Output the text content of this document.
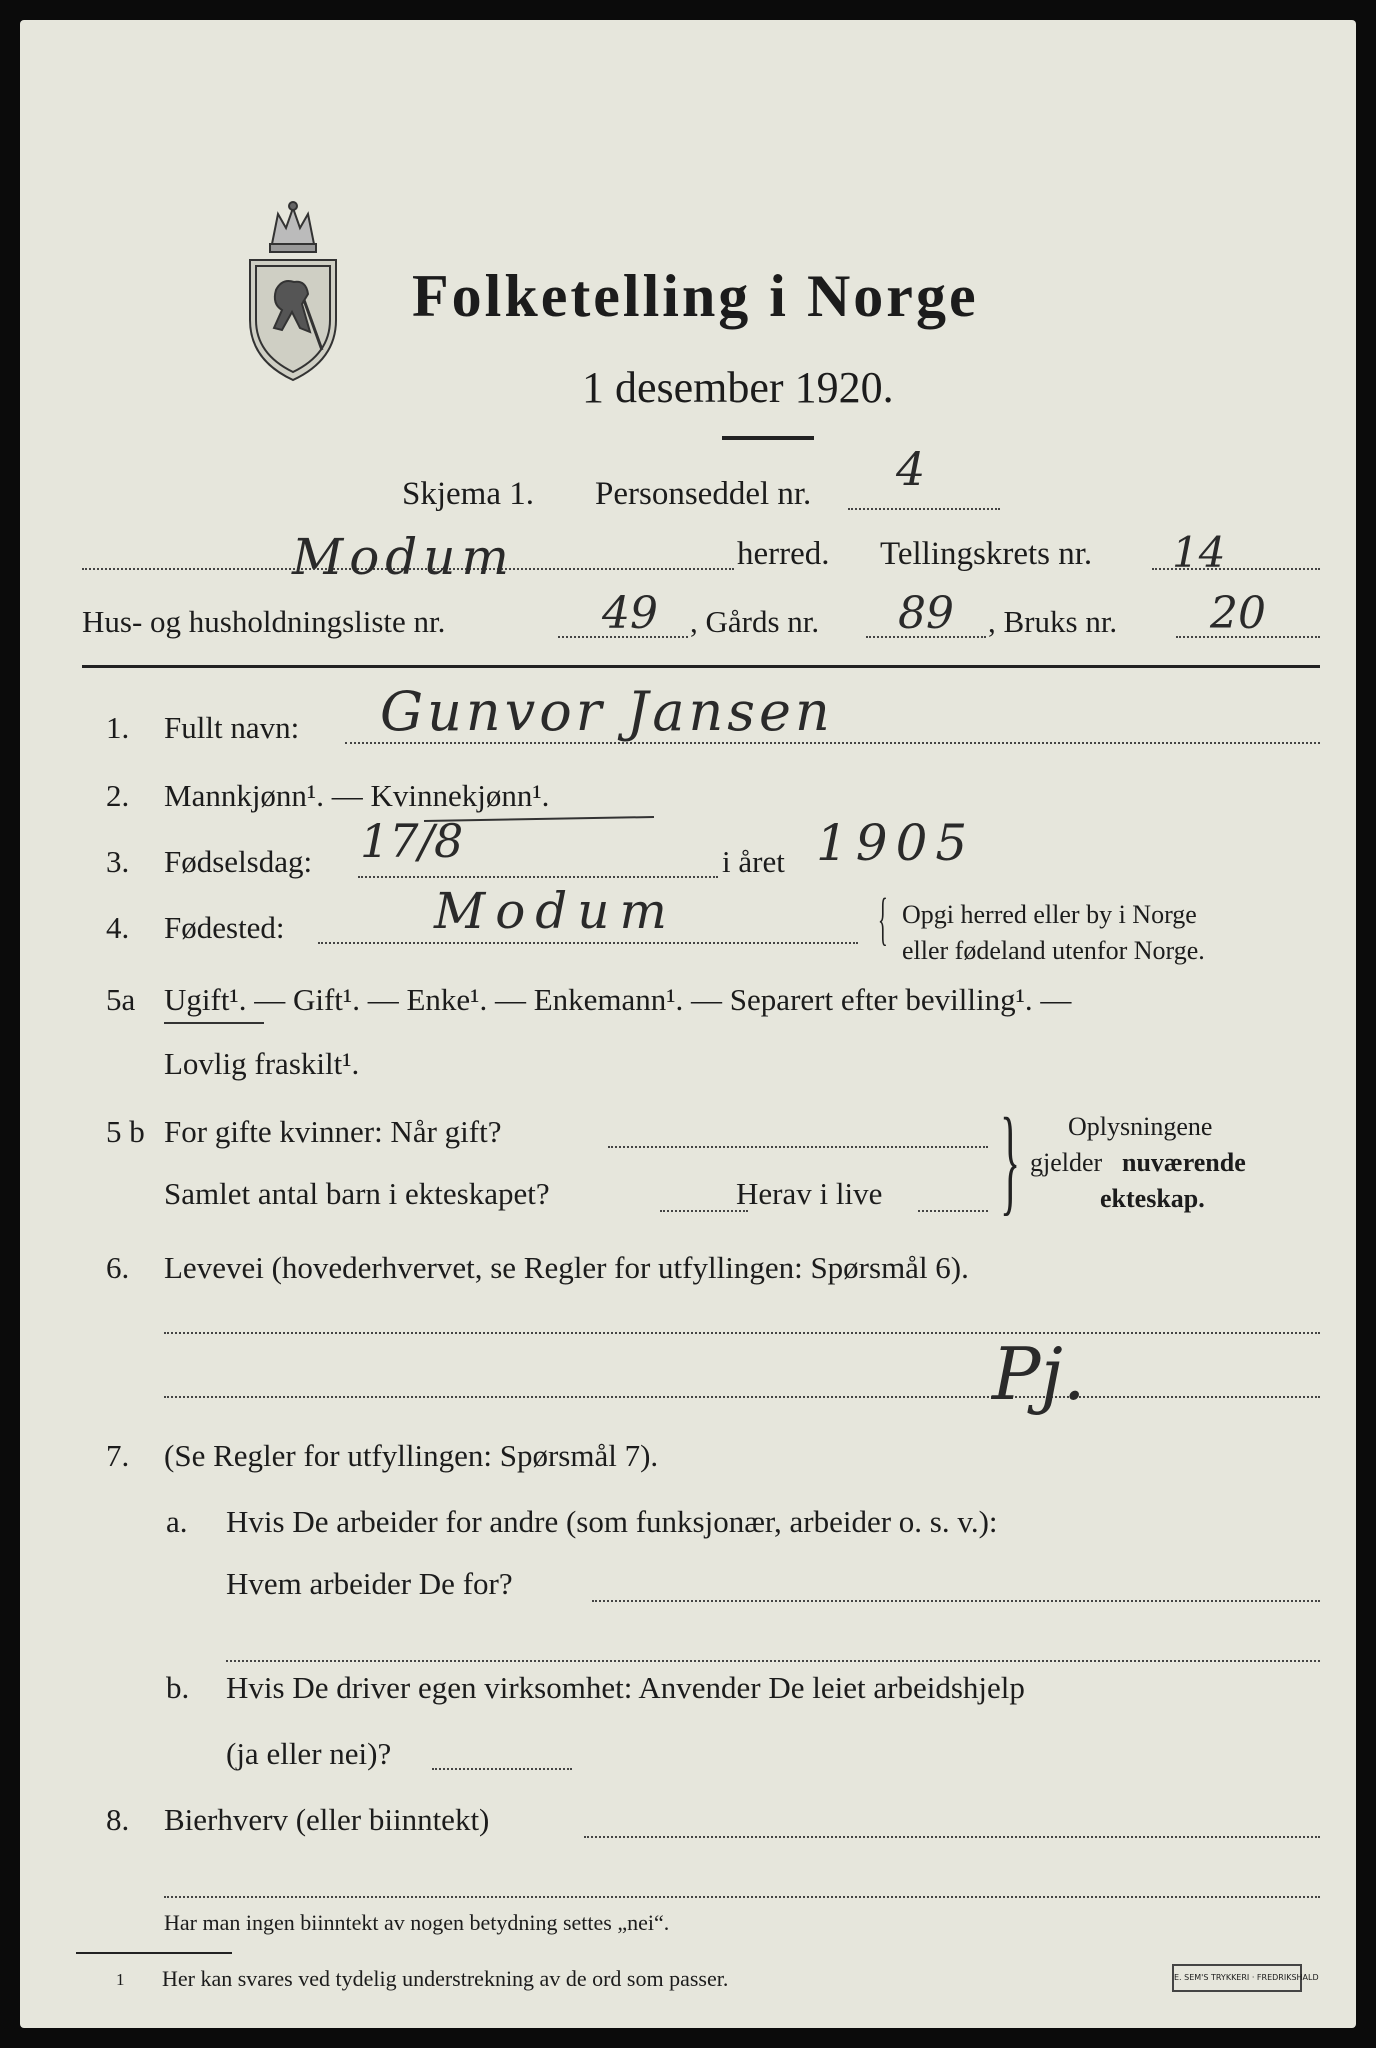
Folketelling i Norge
1 desember 1920.
Skjema 1. Personseddel nr. 4
Modum	herred. Tellingskrets nr. 14
Hus- og husholdningsliste nr.	49 , Gårds nr. 89 , Bruks nr. 20
1. Fullt navn: Gunvor Jansen
2. Mannkjønn¹. — Kvinnekjønn¹.
3. Fødselsdag: 17/8	i året 1905
4. Fødested:	Modum	{ Opgi herred eller by i Norge
eller fødeland utenfor Norge.
5a Ugift¹. — Gift¹. — Enke¹. — Enkemann¹. — Separert efter bevilling¹. —
Lovlig fraskilt¹.
5 b For gifte kvinner: Når gift?
Samlet antal barn i ekteskapet?	Herav i live } Oplysningene
gjelder nuværende
ekteskap.
6. Levevei (hovederhvervet, se Regler for utfyllingen: Spørsmål 6).
Pj.
7. (Se Regler for utfyllingen: Spørsmål 7).
a. Hvis De arbeider for andre (som funksjonær, arbeider o. s. v.):
Hvem arbeider De for?
b. Hvis De driver egen virksomhet: Anvender De leiet arbeidshjelp
(ja eller nei)?
8. Bierhverv (eller biinntekt)
Har man ingen biinntekt av nogen betydning settes „nei“.
1 Her kan svares ved tydelig understrekning av de ord som passer.	E. SEM'S TRYKKERI · FREDRIKSHALD
